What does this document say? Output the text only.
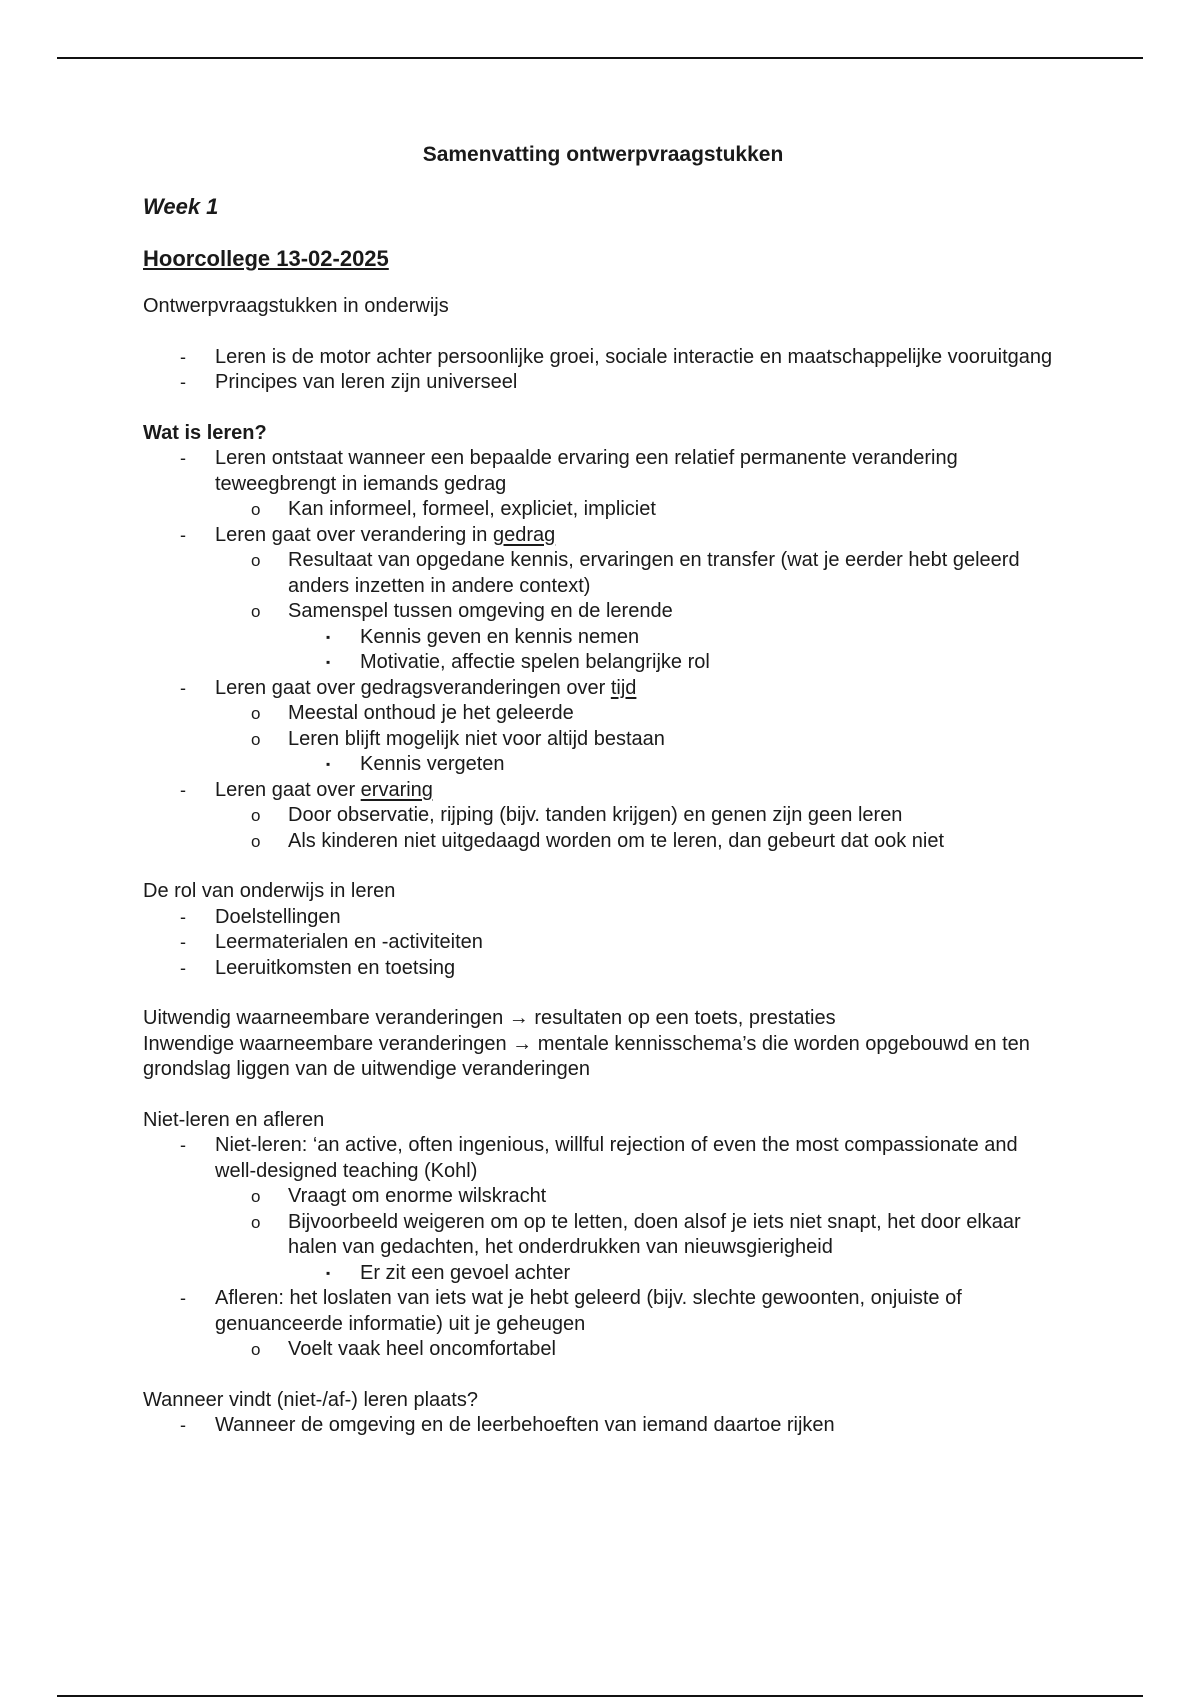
Samenvatting ontwerpvraagstukken
Week 1
Hoorcollege 13-02-2025

Ontwerpvraagstukken in onderwijs

- Leren is de motor achter persoonlijke groei, sociale interactie en maatschappelijke vooruitgang
- Principes van leren zijn universeel

Wat is leren?

- Leren ontstaat wanneer een bepaalde ervaring een relatief permanente verandering teweegbrengt in iemands gedrag
o Kan informeel, formeel, expliciet, impliciet
- Leren gaat over verandering in gedrag
o Resultaat van opgedane kennis, ervaringen en transfer (wat je eerder hebt geleerd anders inzetten in andere context)
o Samenspel tussen omgeving en de lerende
▪ Kennis geven en kennis nemen
▪ Motivatie, affectie spelen belangrijke rol
- Leren gaat over gedragsveranderingen over tijd
o Meestal onthoud je het geleerde
o Leren blijft mogelijk niet voor altijd bestaan
▪ Kennis vergeten
- Leren gaat over ervaring
o Door observatie, rijping (bijv. tanden krijgen) en genen zijn geen leren
o Als kinderen niet uitgedaagd worden om te leren, dan gebeurt dat ook niet

De rol van onderwijs in leren

- Doelstellingen
- Leermaterialen en -activiteiten
- Leeruitkomsten en toetsing

Uitwendig waarneembare veranderingen → resultaten op een toets, prestaties

Inwendige waarneembare veranderingen → mentale kennisschema’s die worden opgebouwd en ten grondslag liggen van de uitwendige veranderingen

Niet-leren en afleren

- Niet-leren: ‘an active, often ingenious, willful rejection of even the most compassionate and well-designed teaching (Kohl)
o Vraagt om enorme wilskracht
o Bijvoorbeeld weigeren om op te letten, doen alsof je iets niet snapt, het door elkaar halen van gedachten, het onderdrukken van nieuwsgierigheid
▪ Er zit een gevoel achter
- Afleren: het loslaten van iets wat je hebt geleerd (bijv. slechte gewoonten, onjuiste of genuanceerde informatie) uit je geheugen
o Voelt vaak heel oncomfortabel

Wanneer vindt (niet-/af-) leren plaats?

- Wanneer de omgeving en de leerbehoeften van iemand daartoe rijken
